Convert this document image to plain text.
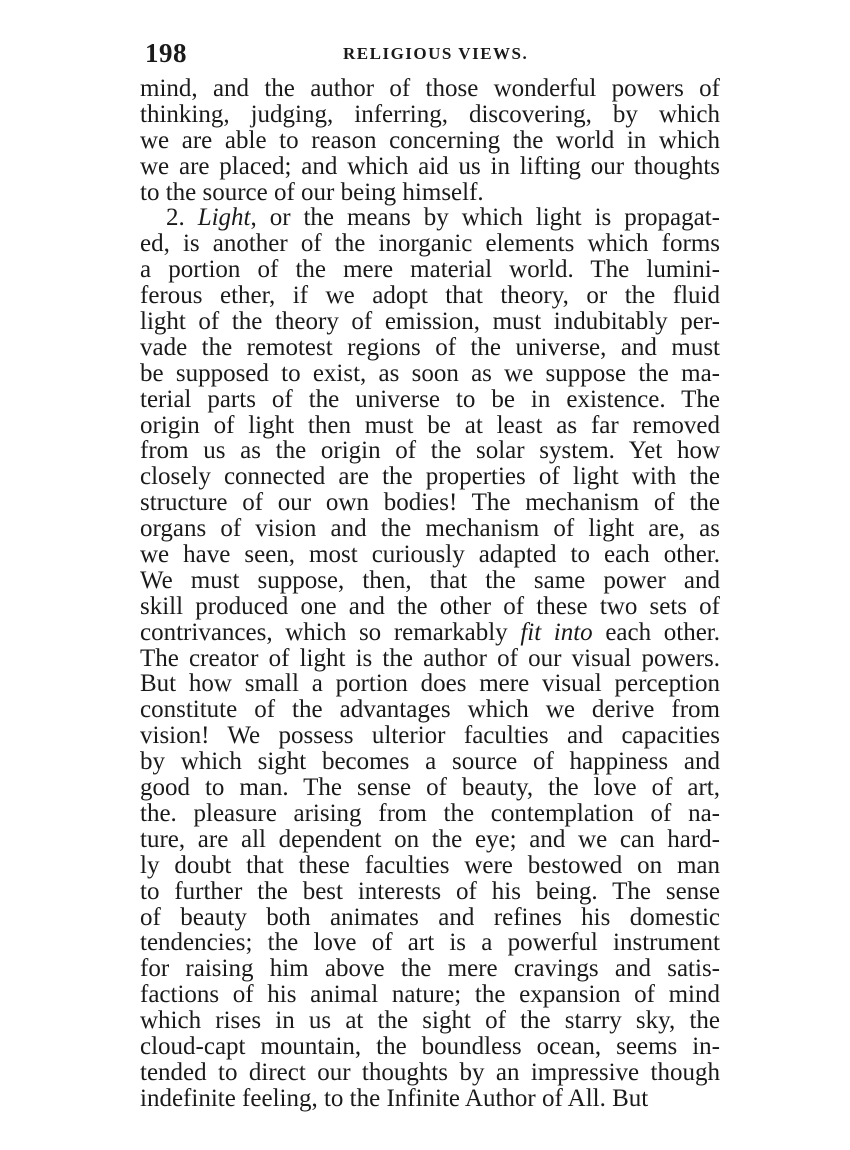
198	RELIGIOUS VIEWS.
mind, and the author of those wonderful powers of
thinking, judging, inferring, discovering, by which
we are able to reason concerning the world in which
we are placed; and which aid us in lifting our thoughts
to the source of our being himself.
2. Light, or the means by which light is propagat-
ed, is another of the inorganic elements which forms
a portion of the mere material world. The lumini-
ferous ether, if we adopt that theory, or the fluid
light of the theory of emission, must indubitably per-
vade the remotest regions of the universe, and must
be supposed to exist, as soon as we suppose the ma-
terial parts of the universe to be in existence. The
origin of light then must be at least as far removed
from us as the origin of the solar system. Yet how
closely connected are the properties of light with the
structure of our own bodies! The mechanism of the
organs of vision and the mechanism of light are, as
we have seen, most curiously adapted to each other.
We must suppose, then, that the same power and
skill produced one and the other of these two sets of
contrivances, which so remarkably fit into each other.
The creator of light is the author of our visual powers.
But how small a portion does mere visual perception
constitute of the advantages which we derive from
vision! We possess ulterior faculties and capacities
by which sight becomes a source of happiness and
good to man. The sense of beauty, the love of art,
the. pleasure arising from the contemplation of na-
ture, are all dependent on the eye; and we can hard-
ly doubt that these faculties were bestowed on man
to further the best interests of his being. The sense
of beauty both animates and refines his domestic
tendencies; the love of art is a powerful instrument
for raising him above the mere cravings and satis-
factions of his animal nature; the expansion of mind
which rises in us at the sight of the starry sky, the
cloud-capt mountain, the boundless ocean, seems in-
tended to direct our thoughts by an impressive though
indefinite feeling, to the Infinite Author of All. But
